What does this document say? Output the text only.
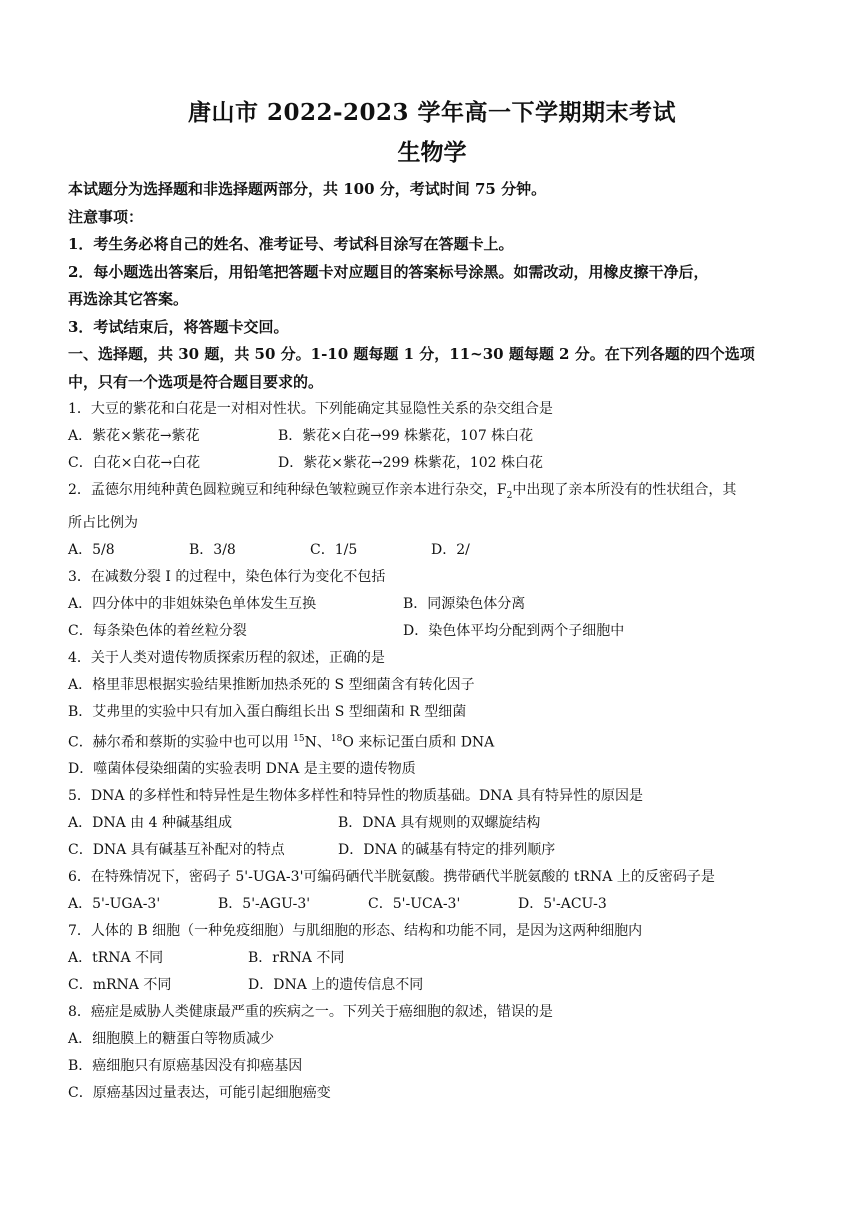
唐山市 2022-2023 学年高一下学期期末考试
生物学

本试题分为选择题和非选择题两部分，共 100 分，考试时间 75 分钟。

注意事项：

1．考生务必将自己的姓名、准考证号、考试科目涂写在答题卡上。

2．每小题选出答案后，用铅笔把答题卡对应题目的答案标号涂黑。如需改动，用橡皮擦干净后，

再选涂其它答案。

3．考试结束后，将答题卡交回。

一、选择题，共 30 题，共 50 分。1-10 题每题 1 分，11~30 题每题 2 分。在下列各题的四个选项

中，只有一个选项是符合题目要求的。

1．大豆的紫花和白花是一对相对性状。下列能确定其显隐性关系的杂交组合是

A．紫花×紫花→紫花	B．紫花×白花→99 株紫花，107 株白花
C．白花×白花→白花	D．紫花×紫花→299 株紫花，102 株白花

2．孟德尔用纯种黄色圆粒豌豆和纯种绿色皱粒豌豆作亲本进行杂交，$F_2$中出现了亲本所没有的性状组合，其

所占比例为

A．5/8	B．3/8	C．1/5	D．2/

3．在减数分裂 I 的过程中，染色体行为变化不包括

A．四分体中的非姐妹染色单体发生互换	B．同源染色体分离
C．每条染色体的着丝粒分裂	D．染色体平均分配到两个子细胞中

4．关于人类对遗传物质探索历程的叙述，正确的是

A．格里菲思根据实验结果推断加热杀死的 S 型细菌含有转化因子

B．艾弗里的实验中只有加入蛋白酶组长出 S 型细菌和 R 型细菌

C．赫尔希和蔡斯的实验中也可以用 $^{15}$N、$^{18}$O 来标记蛋白质和 DNA

D．噬菌体侵染细菌的实验表明 DNA 是主要的遗传物质

5．DNA 的多样性和特异性是生物体多样性和特异性的物质基础。DNA 具有特异性的原因是

A．DNA 由 4 种碱基组成	B．DNA 具有规则的双螺旋结构
C．DNA 具有碱基互补配对的特点	D．DNA 的碱基有特定的排列顺序

6．在特殊情况下，密码子 5'-UGA-3'可编码硒代半胱氨酸。携带硒代半胱氨酸的 tRNA 上的反密码子是

A．5'-UGA-3'	B．5'-AGU-3'	C．5'-UCA-3'	D．5'-ACU-3

7．人体的 B 细胞（一种免疫细胞）与肌细胞的形态、结构和功能不同，是因为这两种细胞内

A．tRNA 不同	B．rRNA 不同
C．mRNA 不同	D．DNA 上的遗传信息不同

8．癌症是威胁人类健康最严重的疾病之一。下列关于癌细胞的叙述，错误的是

A．细胞膜上的糖蛋白等物质减少

B．癌细胞只有原癌基因没有抑癌基因

C．原癌基因过量表达，可能引起细胞癌变
